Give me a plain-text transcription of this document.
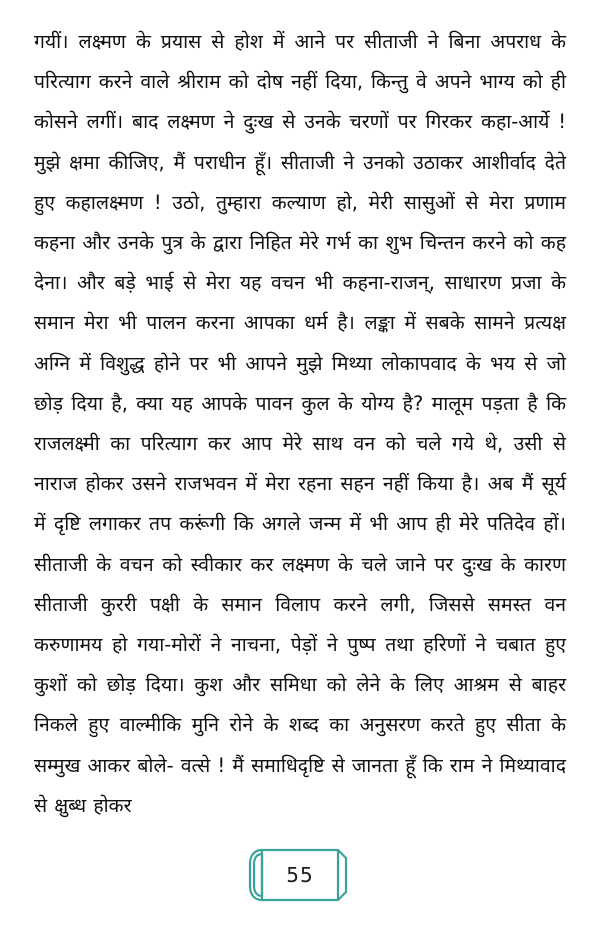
गयीं। लक्ष्मण के प्रयास से होश में आने पर सीताजी ने बिना अपराध के परित्याग करने वाले श्रीराम को दोष नहीं दिया, किन्तु वे अपने भाग्य को ही कोसने लगीं। बाद लक्ष्मण ने दुःख से उनके चरणों पर गिरकर कहा-आर्ये ! मुझे क्षमा कीजिए, मैं पराधीन हूँ। सीताजी ने उनको उठाकर आशीर्वाद देते हुए कहालक्ष्मण ! उठो, तुम्हारा कल्याण हो, मेरी सासुओं से मेरा प्रणाम कहना और उनके पुत्र के द्वारा निहित मेरे गर्भ का शुभ चिन्तन करने को कह देना। और बड़े भाई से मेरा यह वचन भी कहना-राजन्, साधारण प्रजा के समान मेरा भी पालन करना आपका धर्म है। लङ्का में सबके सामने प्रत्यक्ष अग्नि में विशुद्ध होने पर भी आपने मुझे मिथ्या लोकापवाद के भय से जो छोड़ दिया है, क्या यह आपके पावन कुल के योग्य है? मालूम पड़ता है कि राजलक्ष्मी का परित्याग कर आप मेरे साथ वन को चले गये थे, उसी से नाराज होकर उसने राजभवन में मेरा रहना सहन नहीं किया है। अब मैं सूर्य में दृष्टि लगाकर तप करूंगी कि अगले जन्म में भी आप ही मेरे पतिदेव हों। सीताजी के वचन को स्वीकार कर लक्ष्मण के चले जाने पर दुःख के कारण सीताजी कुररी पक्षी के समान विलाप करने लगी, जिससे समस्त वन करुणामय हो गया-मोरों ने नाचना, पेड़ों ने पुष्प तथा हरिणों ने चबात हुए कुशों को छोड़ दिया। कुश और समिधा को लेने के लिए आश्रम से बाहर निकले हुए वाल्मीकि मुनि रोने के शब्द का अनुसरण करते हुए सीता के सम्मुख आकर बोले- वत्से ! मैं समाधिदृष्टि से जानता हूँ कि राम ने मिथ्यावाद से क्षुब्ध होकर

55
